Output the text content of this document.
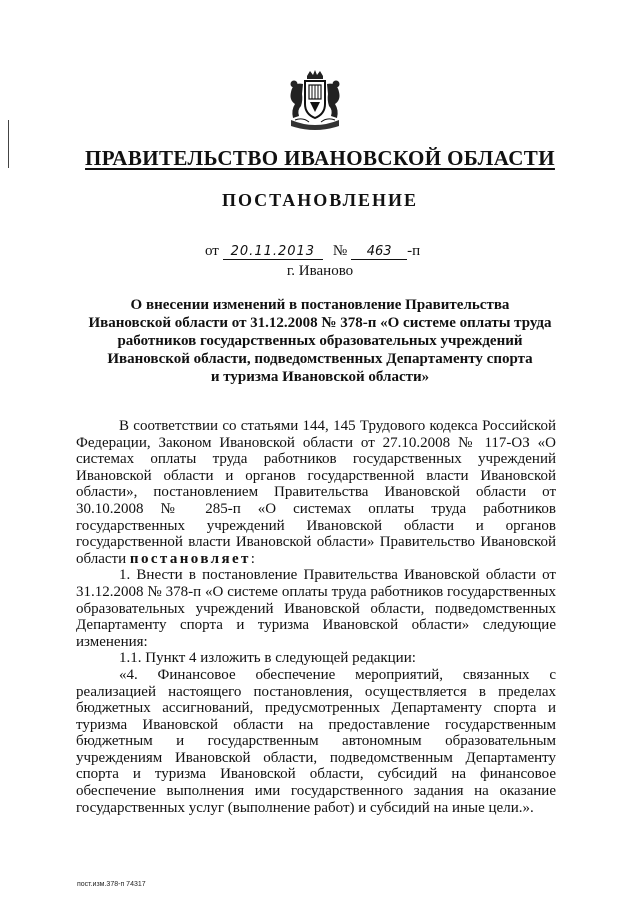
ПРАВИТЕЛЬСТВО ИВАНОВСКОЙ ОБЛАСТИ
ПОСТАНОВЛЕНИЕ
от 20.11.2013	№	463	-п
г. Иваново
О внесении изменений в постановление Правительства
Ивановской области от 31.12.2008 № 378-п «О системе оплаты труда
работников государственных образовательных учреждений
Ивановской области, подведомственных Департаменту спорта
и туризма Ивановской области»

В соответствии со статьями 144, 145 Трудового кодекса Российской Федерации, Законом Ивановской области от 27.10.2008 № 117-ОЗ «О системах оплаты труда работников государственных учреждений Ивановской области и органов государственной власти Ивановской области», постановлением Правительства Ивановской области от 30.10.2008 № 285-п «О системах оплаты труда работников государственных учреждений Ивановской области и органов государственной власти Ивановской области» Правительство Ивановской области постановляет:

1. Внести в постановление Правительства Ивановской области от 31.12.2008 № 378-п «О системе оплаты труда работников государственных образовательных учреждений Ивановской области, подведомственных Департаменту спорта и туризма Ивановской области» следующие изменения:

1.1. Пункт 4 изложить в следующей редакции:

«4. Финансовое обеспечение мероприятий, связанных с реализацией настоящего постановления, осуществляется в пределах бюджетных ассигнований, предусмотренных Департаменту спорта и туризма Ивановской области на предоставление государственным бюджетным и государственным автономным образовательным учреждениям Ивановской области, подведомственным Департаменту спорта и туризма Ивановской области, субсидий на финансовое обеспечение выполнения ими государственного задания на оказание государственных услуг (выполнение работ) и субсидий на иные цели.».

пост.изм.378-п 74317
